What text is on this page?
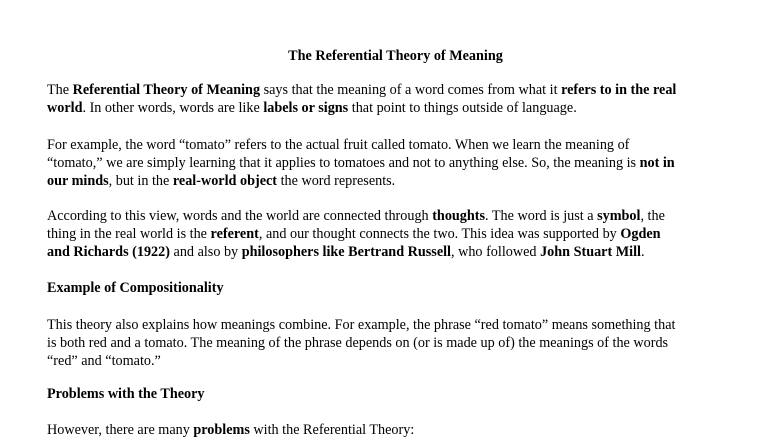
The Referential Theory of Meaning
The Referential Theory of Meaning says that the meaning of a word comes from what it refers to in the real
world. In other words, words are like labels or signs that point to things outside of language.
For example, the word “tomato” refers to the actual fruit called tomato. When we learn the meaning of
“tomato,” we are simply learning that it applies to tomatoes and not to anything else. So, the meaning is not in
our minds, but in the real-world object the word represents.
According to this view, words and the world are connected through thoughts. The word is just a symbol, the
thing in the real world is the referent, and our thought connects the two. This idea was supported by Ogden
and Richards (1922) and also by philosophers like Bertrand Russell, who followed John Stuart Mill.
Example of Compositionality
This theory also explains how meanings combine. For example, the phrase “red tomato” means something that
is both red and a tomato. The meaning of the phrase depends on (or is made up of) the meanings of the words
“red” and “tomato.”
Problems with the Theory
However, there are many problems with the Referential Theory:
